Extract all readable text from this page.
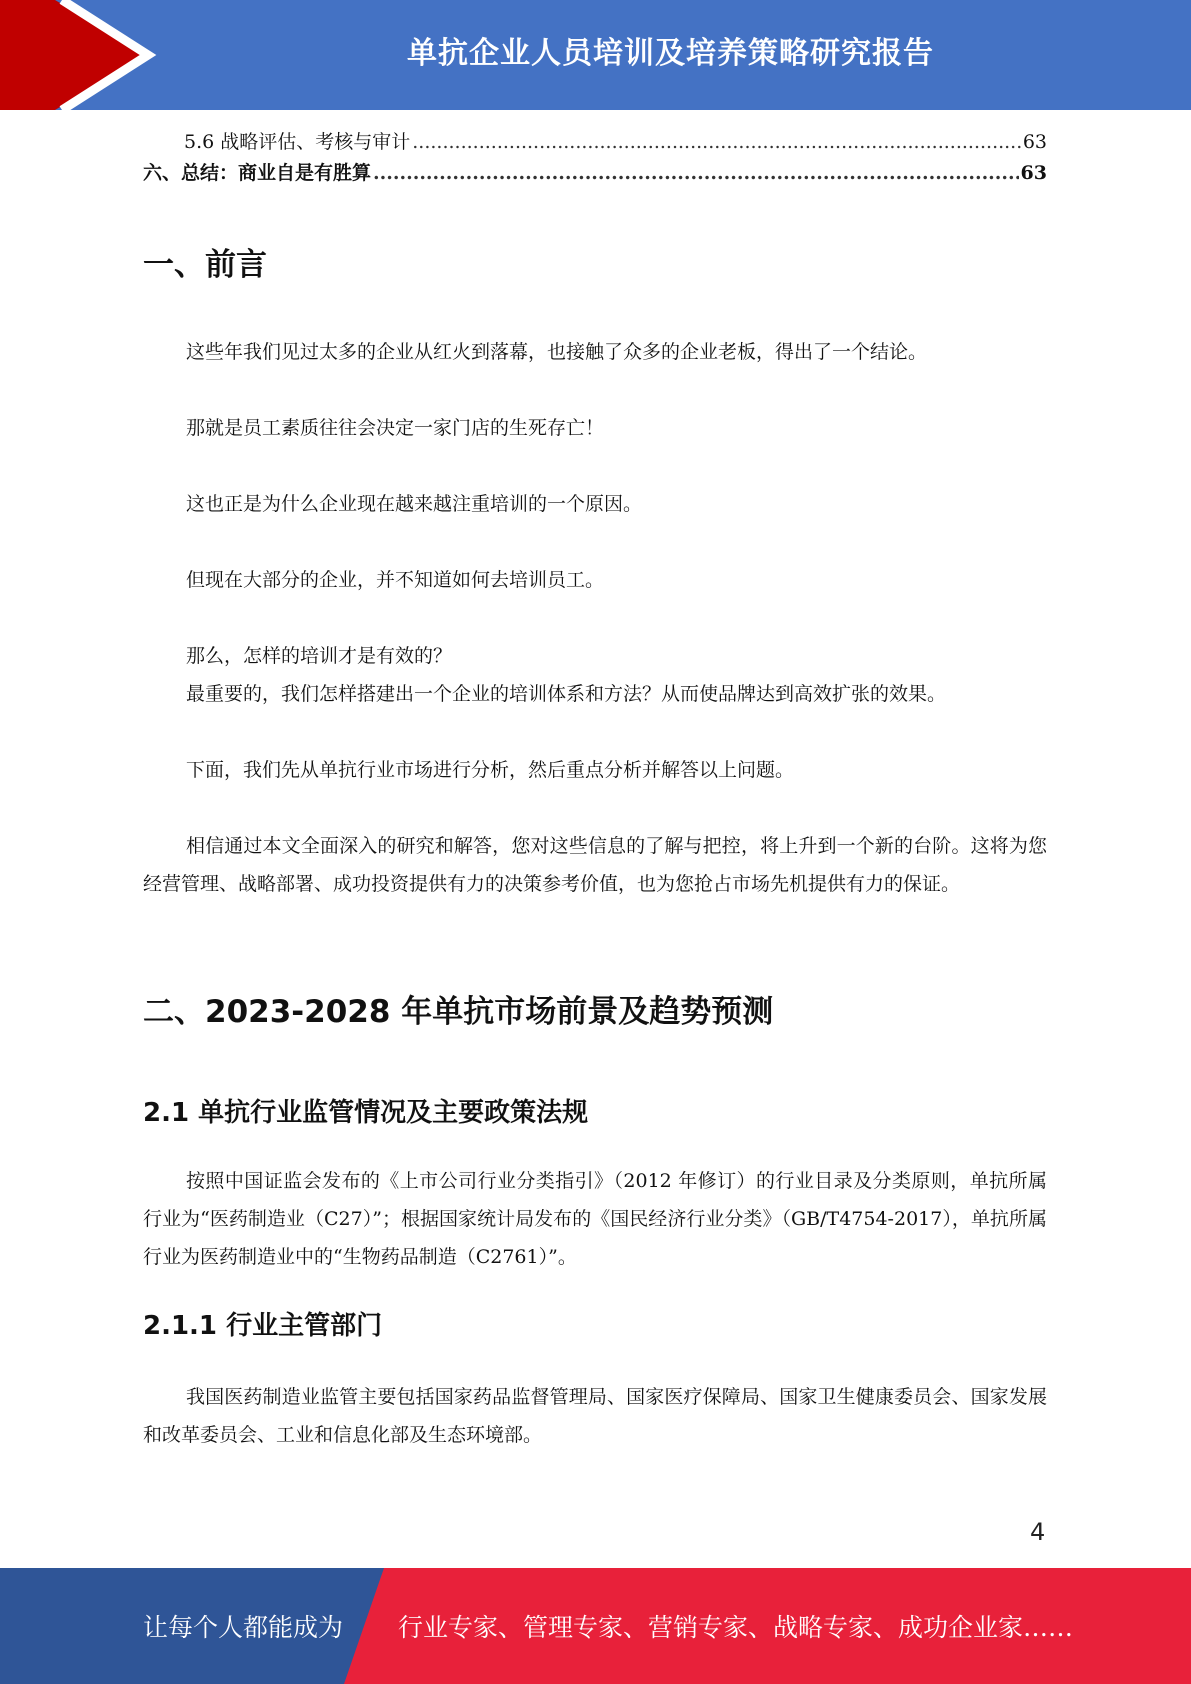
单抗企业人员培训及培养策略研究报告
5.6 战略评估、考核与审计 .....	63
六、总结：商业自是有胜算 .....	63
一、前言

这些年我们见过太多的企业从红火到落幕，也接触了众多的企业老板，得出了一个结论。

那就是员工素质往往会决定一家门店的生死存亡！

这也正是为什么企业现在越来越注重培训的一个原因。

但现在大部分的企业，并不知道如何去培训员工。

那么，怎样的培训才是有效的？

最重要的，我们怎样搭建出一个企业的培训体系和方法？从而使品牌达到高效扩张的效果。

下面，我们先从单抗行业市场进行分析，然后重点分析并解答以上问题。

相信通过本文全面深入的研究和解答，您对这些信息的了解与把控，将上升到一个新的台阶。这将为您经营管理、战略部署、成功投资提供有力的决策参考价值，也为您抢占市场先机提供有力的保证。

二、2023-2028 年单抗市场前景及趋势预测
2.1 单抗行业监管情况及主要政策法规

按照中国证监会发布的《上市公司行业分类指引》（2012 年修订）的行业目录及分类原则，单抗所属行业为“医药制造业（C27）”；根据国家统计局发布的《国民经济行业分类》（GB/T4754-2017），单抗所属行业为医药制造业中的“生物药品制造（C2761）”。

2.1.1 行业主管部门

我国医药制造业监管主要包括国家药品监督管理局、国家医疗保障局、国家卫生健康委员会、国家发展和改革委员会、工业和信息化部及生态环境部。

4
让每个人都能成为 行业专家、管理专家、营销专家、战略专家、成功企业家……
